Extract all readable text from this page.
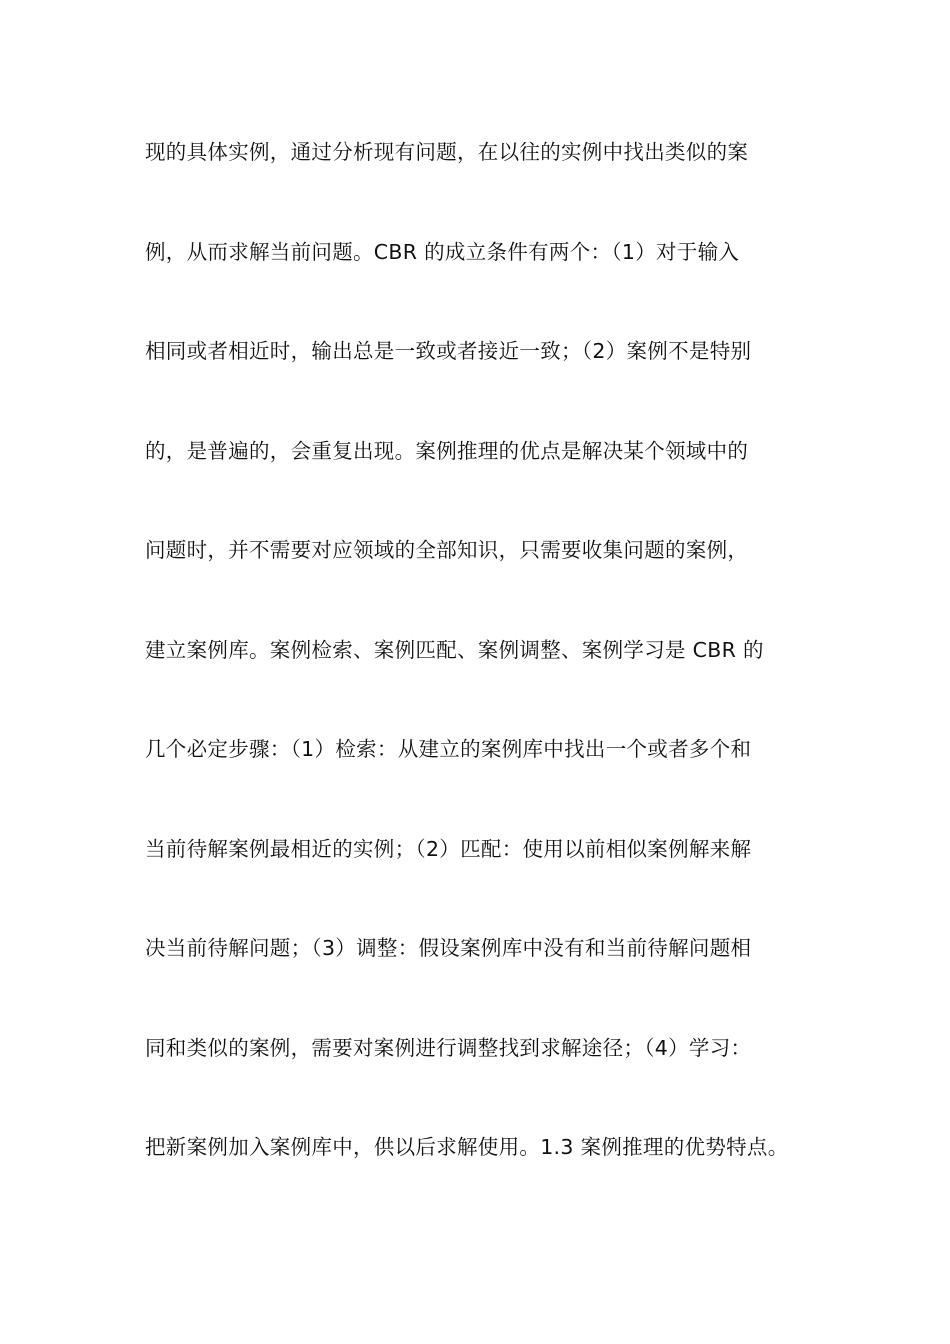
现的具体实例，通过分析现有问题，在以往的实例中找出类似的案
例，从而求解当前问题。CBR 的成立条件有两个：（1）对于输入
相同或者相近时，输出总是一致或者接近一致；（2）案例不是特别
的，是普遍的，会重复出现。案例推理的优点是解决某个领域中的
问题时，并不需要对应领域的全部知识，只需要收集问题的案例，
建立案例库。案例检索、案例匹配、案例调整、案例学习是 CBR 的
几个必定步骤：（1）检索：从建立的案例库中找出一个或者多个和
当前待解案例最相近的实例；（2）匹配：使用以前相似案例解来解
决当前待解问题；（3）调整：假设案例库中没有和当前待解问题相
同和类似的案例，需要对案例进行调整找到求解途径；（4）学习：
把新案例加入案例库中，供以后求解使用。1.3 案例推理的优势特点。
